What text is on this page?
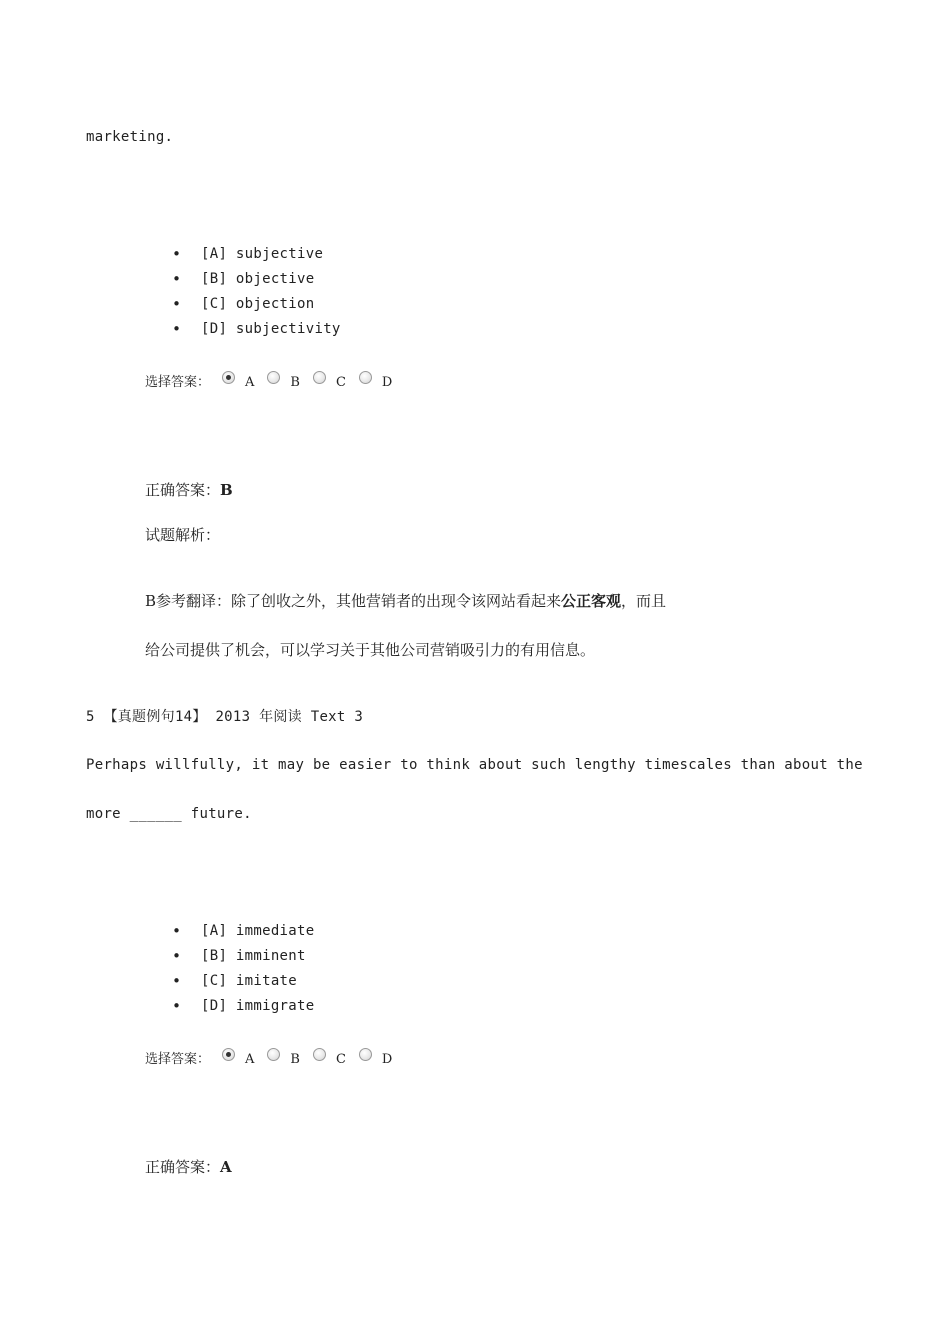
marketing.
• [A] subjective
• [B] objective
• [C] objection
• [D] subjectivity
选择答案：	A	B	C	D
正确答案：B
试题解析：
B参考翻译：除了创收之外，其他营销者的出现令该网站看起来公正客观，而且
给公司提供了机会，可以学习关于其他公司营销吸引力的有用信息。
5 【真题例句14】 2013 年阅读 Text 3
Perhaps willfully, it may be easier to think about such lengthy timescales than about the
more ______ future.
• [A] immediate
• [B] imminent
• [C] imitate
• [D] immigrate
选择答案：	A	B	C	D
正确答案：A
